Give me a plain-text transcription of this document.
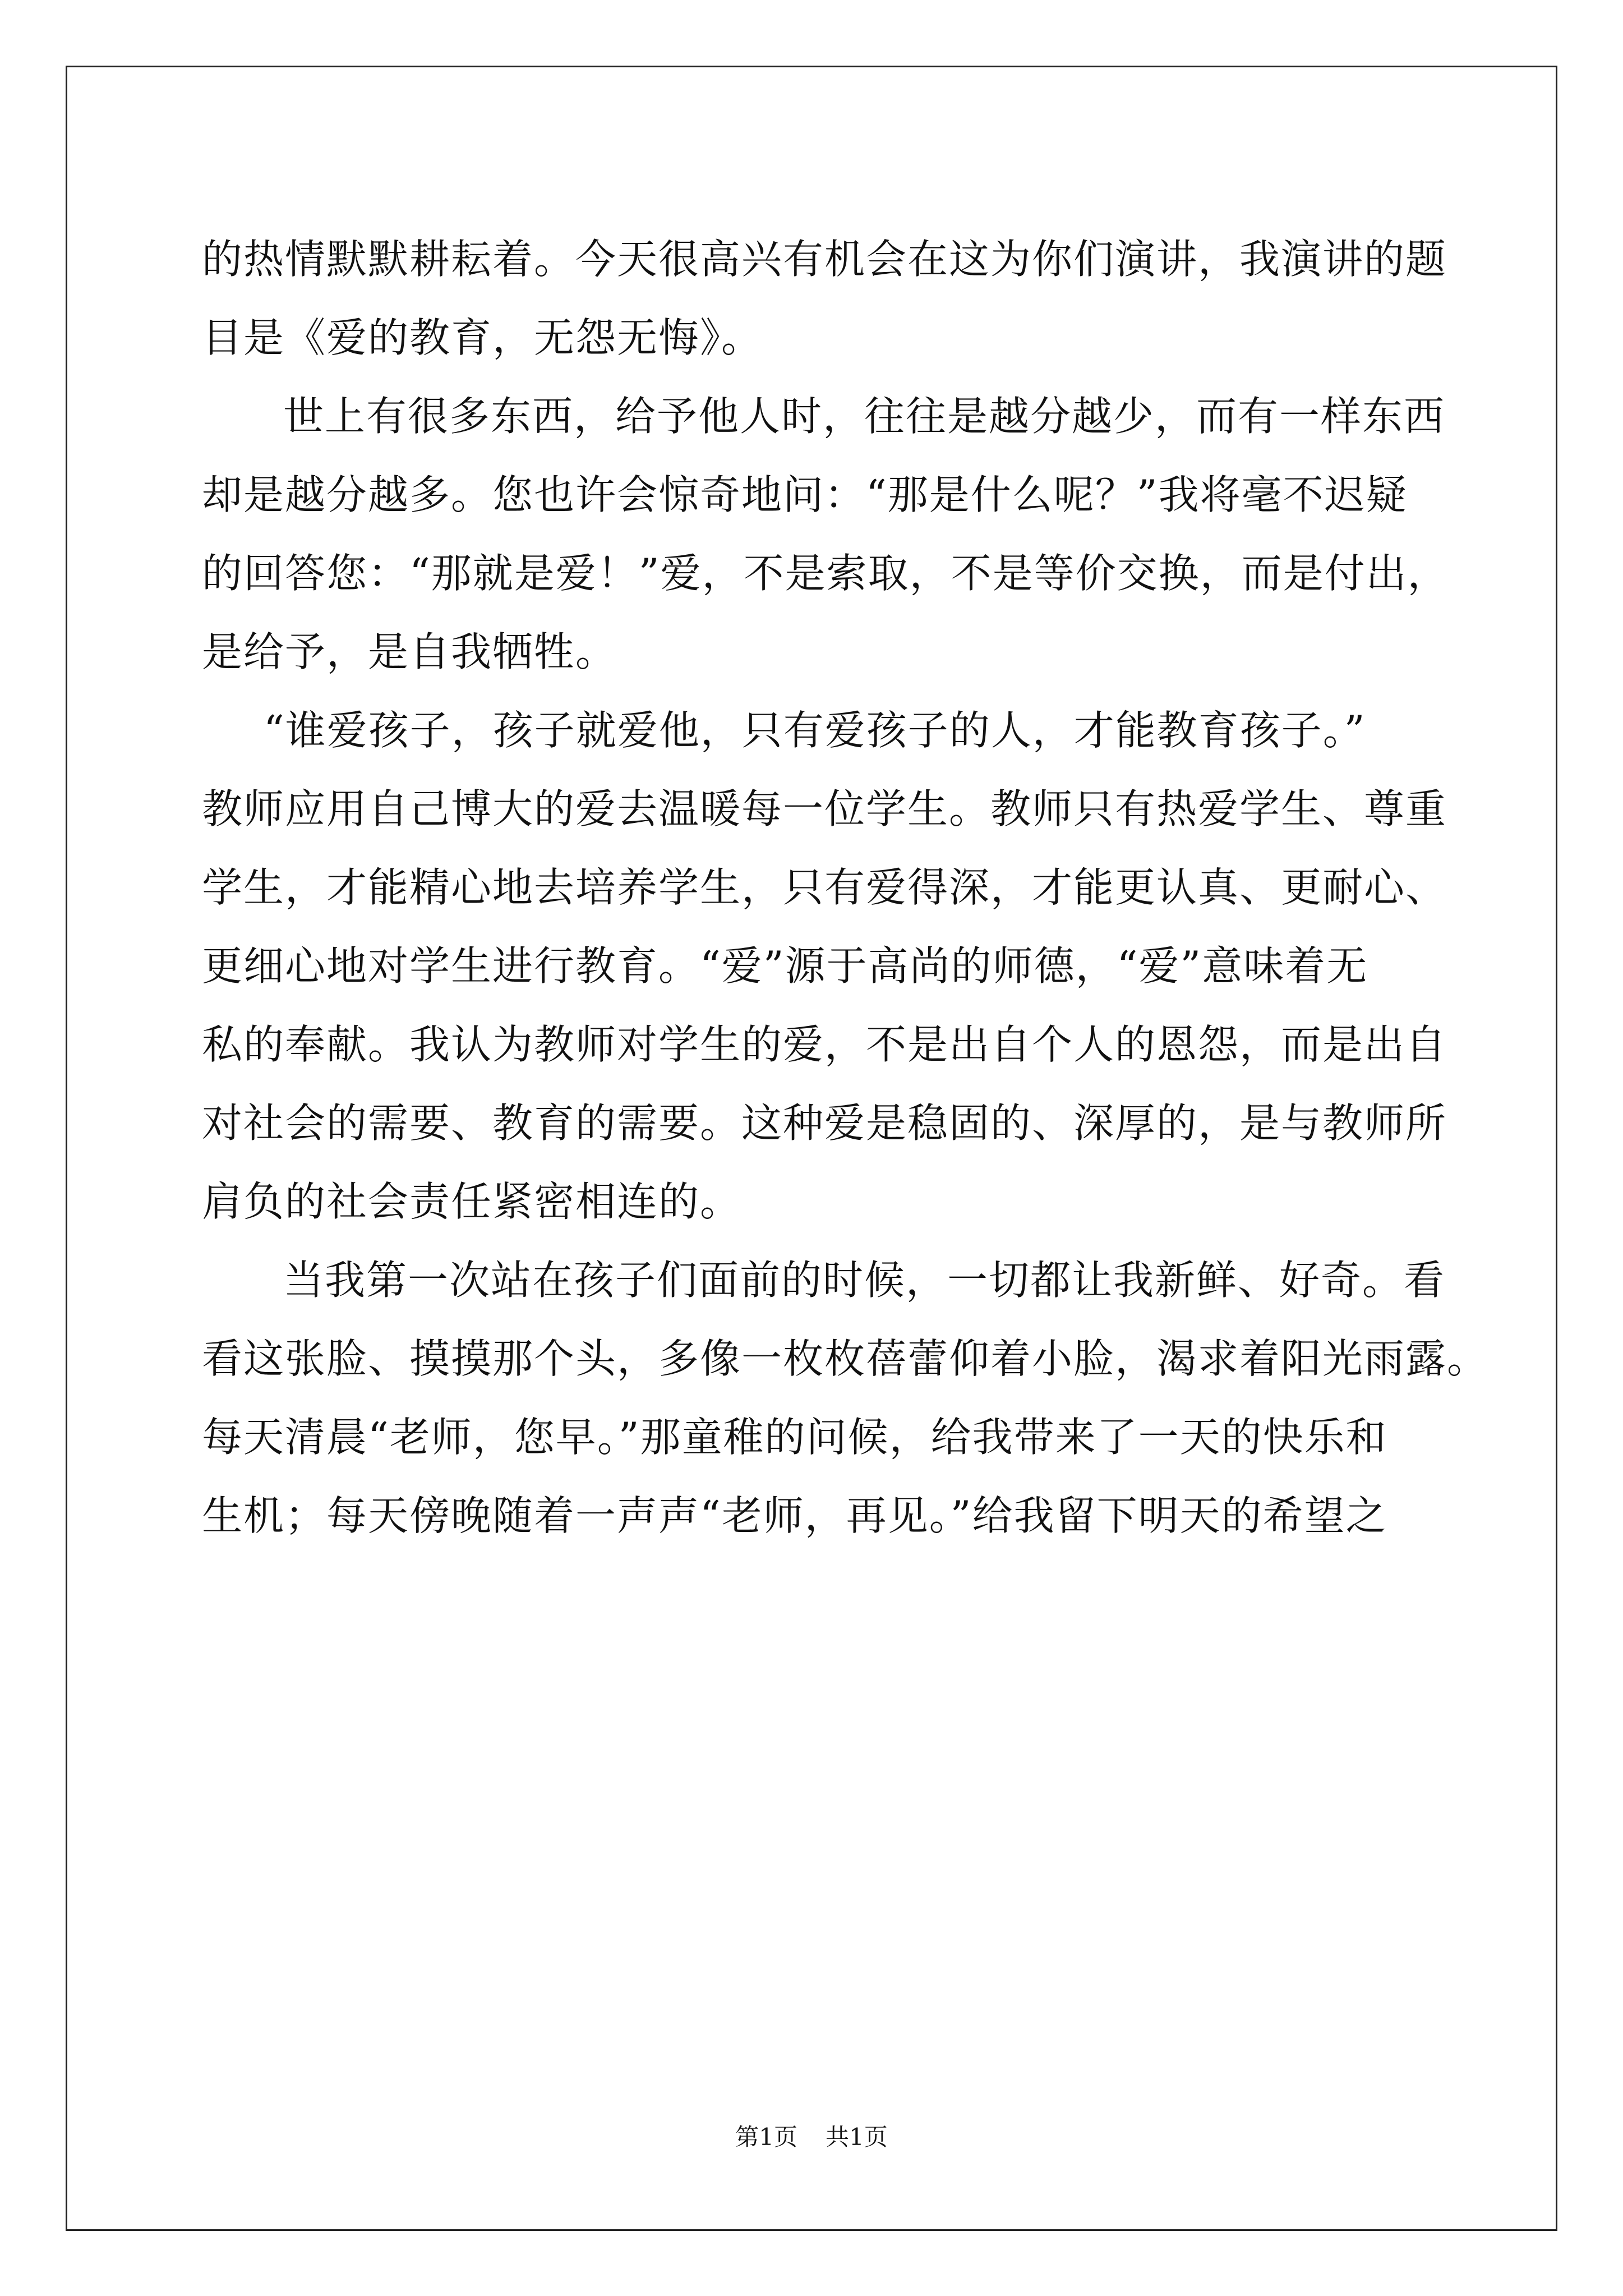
的热情默默耕耘着。今天很高兴有机会在这为你们演讲，我演讲的题
目是《爱的教育，无怨无悔》。
世上有很多东西，给予他人时，往往是越分越少，而有一样东西
却是越分越多。您也许会惊奇地问：“那是什么呢？”我将毫不迟疑
的回答您：“那就是爱！”爱，不是索取，不是等价交换，而是付出，
是给予，是自我牺牲。
“谁爱孩子，孩子就爱他，只有爱孩子的人，才能教育孩子。”
教师应用自己博大的爱去温暖每一位学生。教师只有热爱学生、尊重
学生，才能精心地去培养学生，只有爱得深，才能更认真、更耐心、
更细心地对学生进行教育。“爱”源于高尚的师德，“爱”意味着无
私的奉献。我认为教师对学生的爱，不是出自个人的恩怨，而是出自
对社会的需要、教育的需要。这种爱是稳固的、深厚的，是与教师所
肩负的社会责任紧密相连的。
当我第一次站在孩子们面前的时候，一切都让我新鲜、好奇。看
看这张脸、摸摸那个头，多像一枚枚蓓蕾仰着小脸，渴求着阳光雨露。
每天清晨“老师，您早。”那童稚的问候，给我带来了一天的快乐和
生机；每天傍晚随着一声声“老师，再见。”给我留下明天的希望之
第1页 共1页
